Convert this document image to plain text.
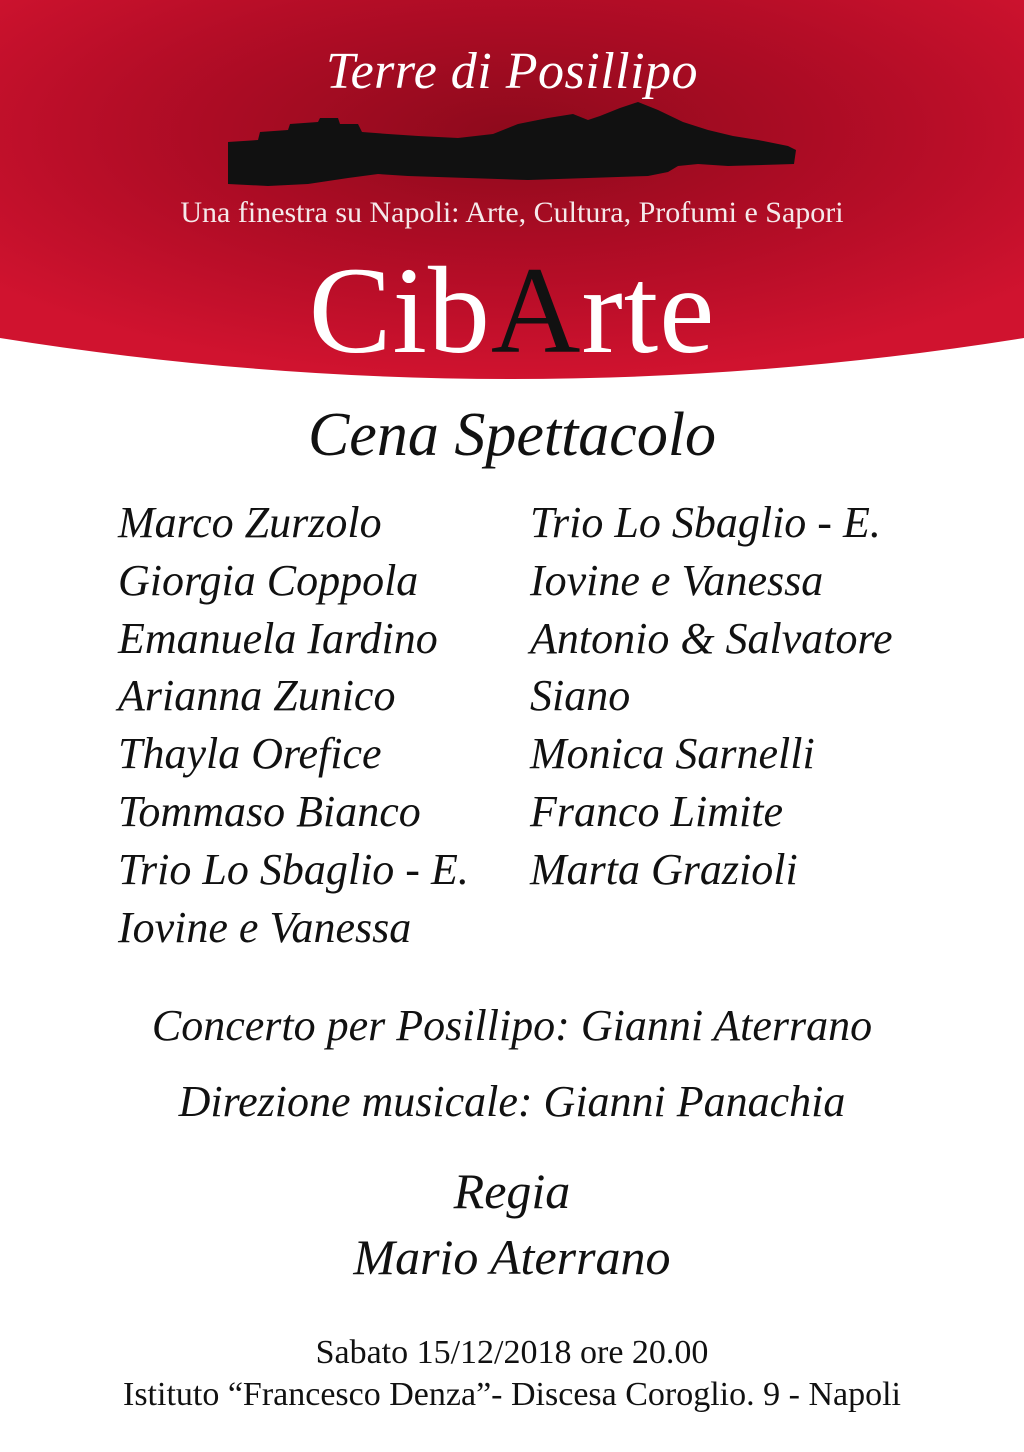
Terre di Posillipo
Una finestra su Napoli: Arte, Cultura, Profumi e Sapori
CibArte
Cena Spettacolo
Marco Zurzolo
Giorgia Coppola
Emanuela Iardino
Arianna Zunico
Thayla Orefice
Tommaso Bianco
Trio Lo Sbaglio - E.
Iovine e Vanessa
Trio Lo Sbaglio - E.
Iovine e Vanessa
Antonio & Salvatore
Siano
Monica Sarnelli
Franco Limite
Marta Grazioli
Concerto per Posillipo: Gianni Aterrano
Direzione musicale: Gianni Panachia
Regia
Mario Aterrano
Sabato 15/12/2018 ore 20.00
Istituto “Francesco Denza”- Discesa Coroglio. 9 - Napoli
